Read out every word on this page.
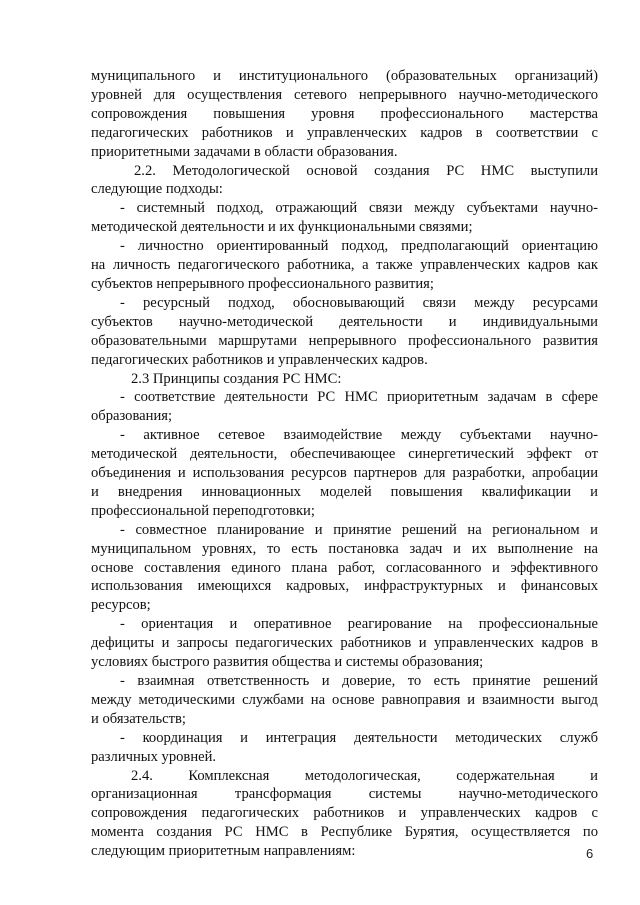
муниципального и институционального (образовательных организаций)

уровней для осуществления сетевого непрерывного научно-методического

сопровождения повышения уровня профессионального мастерства

педагогических работников и управленческих кадров в соответствии с

приоритетными задачами в области образования.

2.2. Методологической основой создания РС НМС выступили

следующие подходы:

- системный подход, отражающий связи между субъектами научно-

методической деятельности и их функциональными связями;

- личностно ориентированный подход, предполагающий ориентацию

на личность педагогического работника, а также управленческих кадров как

субъектов непрерывного профессионального развития;

- ресурсный подход, обосновывающий связи между ресурсами

субъектов научно-методической деятельности и индивидуальными

образовательными маршрутами непрерывного профессионального развития

педагогических работников и управленческих кадров.

2.3 Принципы создания РС НМС:

- соответствие деятельности РС НМС приоритетным задачам в сфере

образования;

- активное сетевое взаимодействие между субъектами научно-

методической деятельности, обеспечивающее синергетический эффект от

объединения и использования ресурсов партнеров для разработки, апробации

и внедрения инновационных моделей повышения квалификации и

профессиональной переподготовки;

- совместное планирование и принятие решений на региональном и

муниципальном уровнях, то есть постановка задач и их выполнение на

основе составления единого плана работ, согласованного и эффективного

использования имеющихся кадровых, инфраструктурных и финансовых

ресурсов;

- ориентация и оперативное реагирование на профессиональные

дефициты и запросы педагогических работников и управленческих кадров в

условиях быстрого развития общества и системы образования;

- взаимная ответственность и доверие, то есть принятие решений

между методическими службами на основе равноправия и взаимности выгод

и обязательств;

- координация и интеграция деятельности методических служб

различных уровней.

2.4. Комплексная методологическая, содержательная и

организационная трансформация системы научно-методического

сопровождения педагогических работников и управленческих кадров с

момента создания РС НМС в Республике Бурятия, осуществляется по

следующим приоритетным направлениям:	6
